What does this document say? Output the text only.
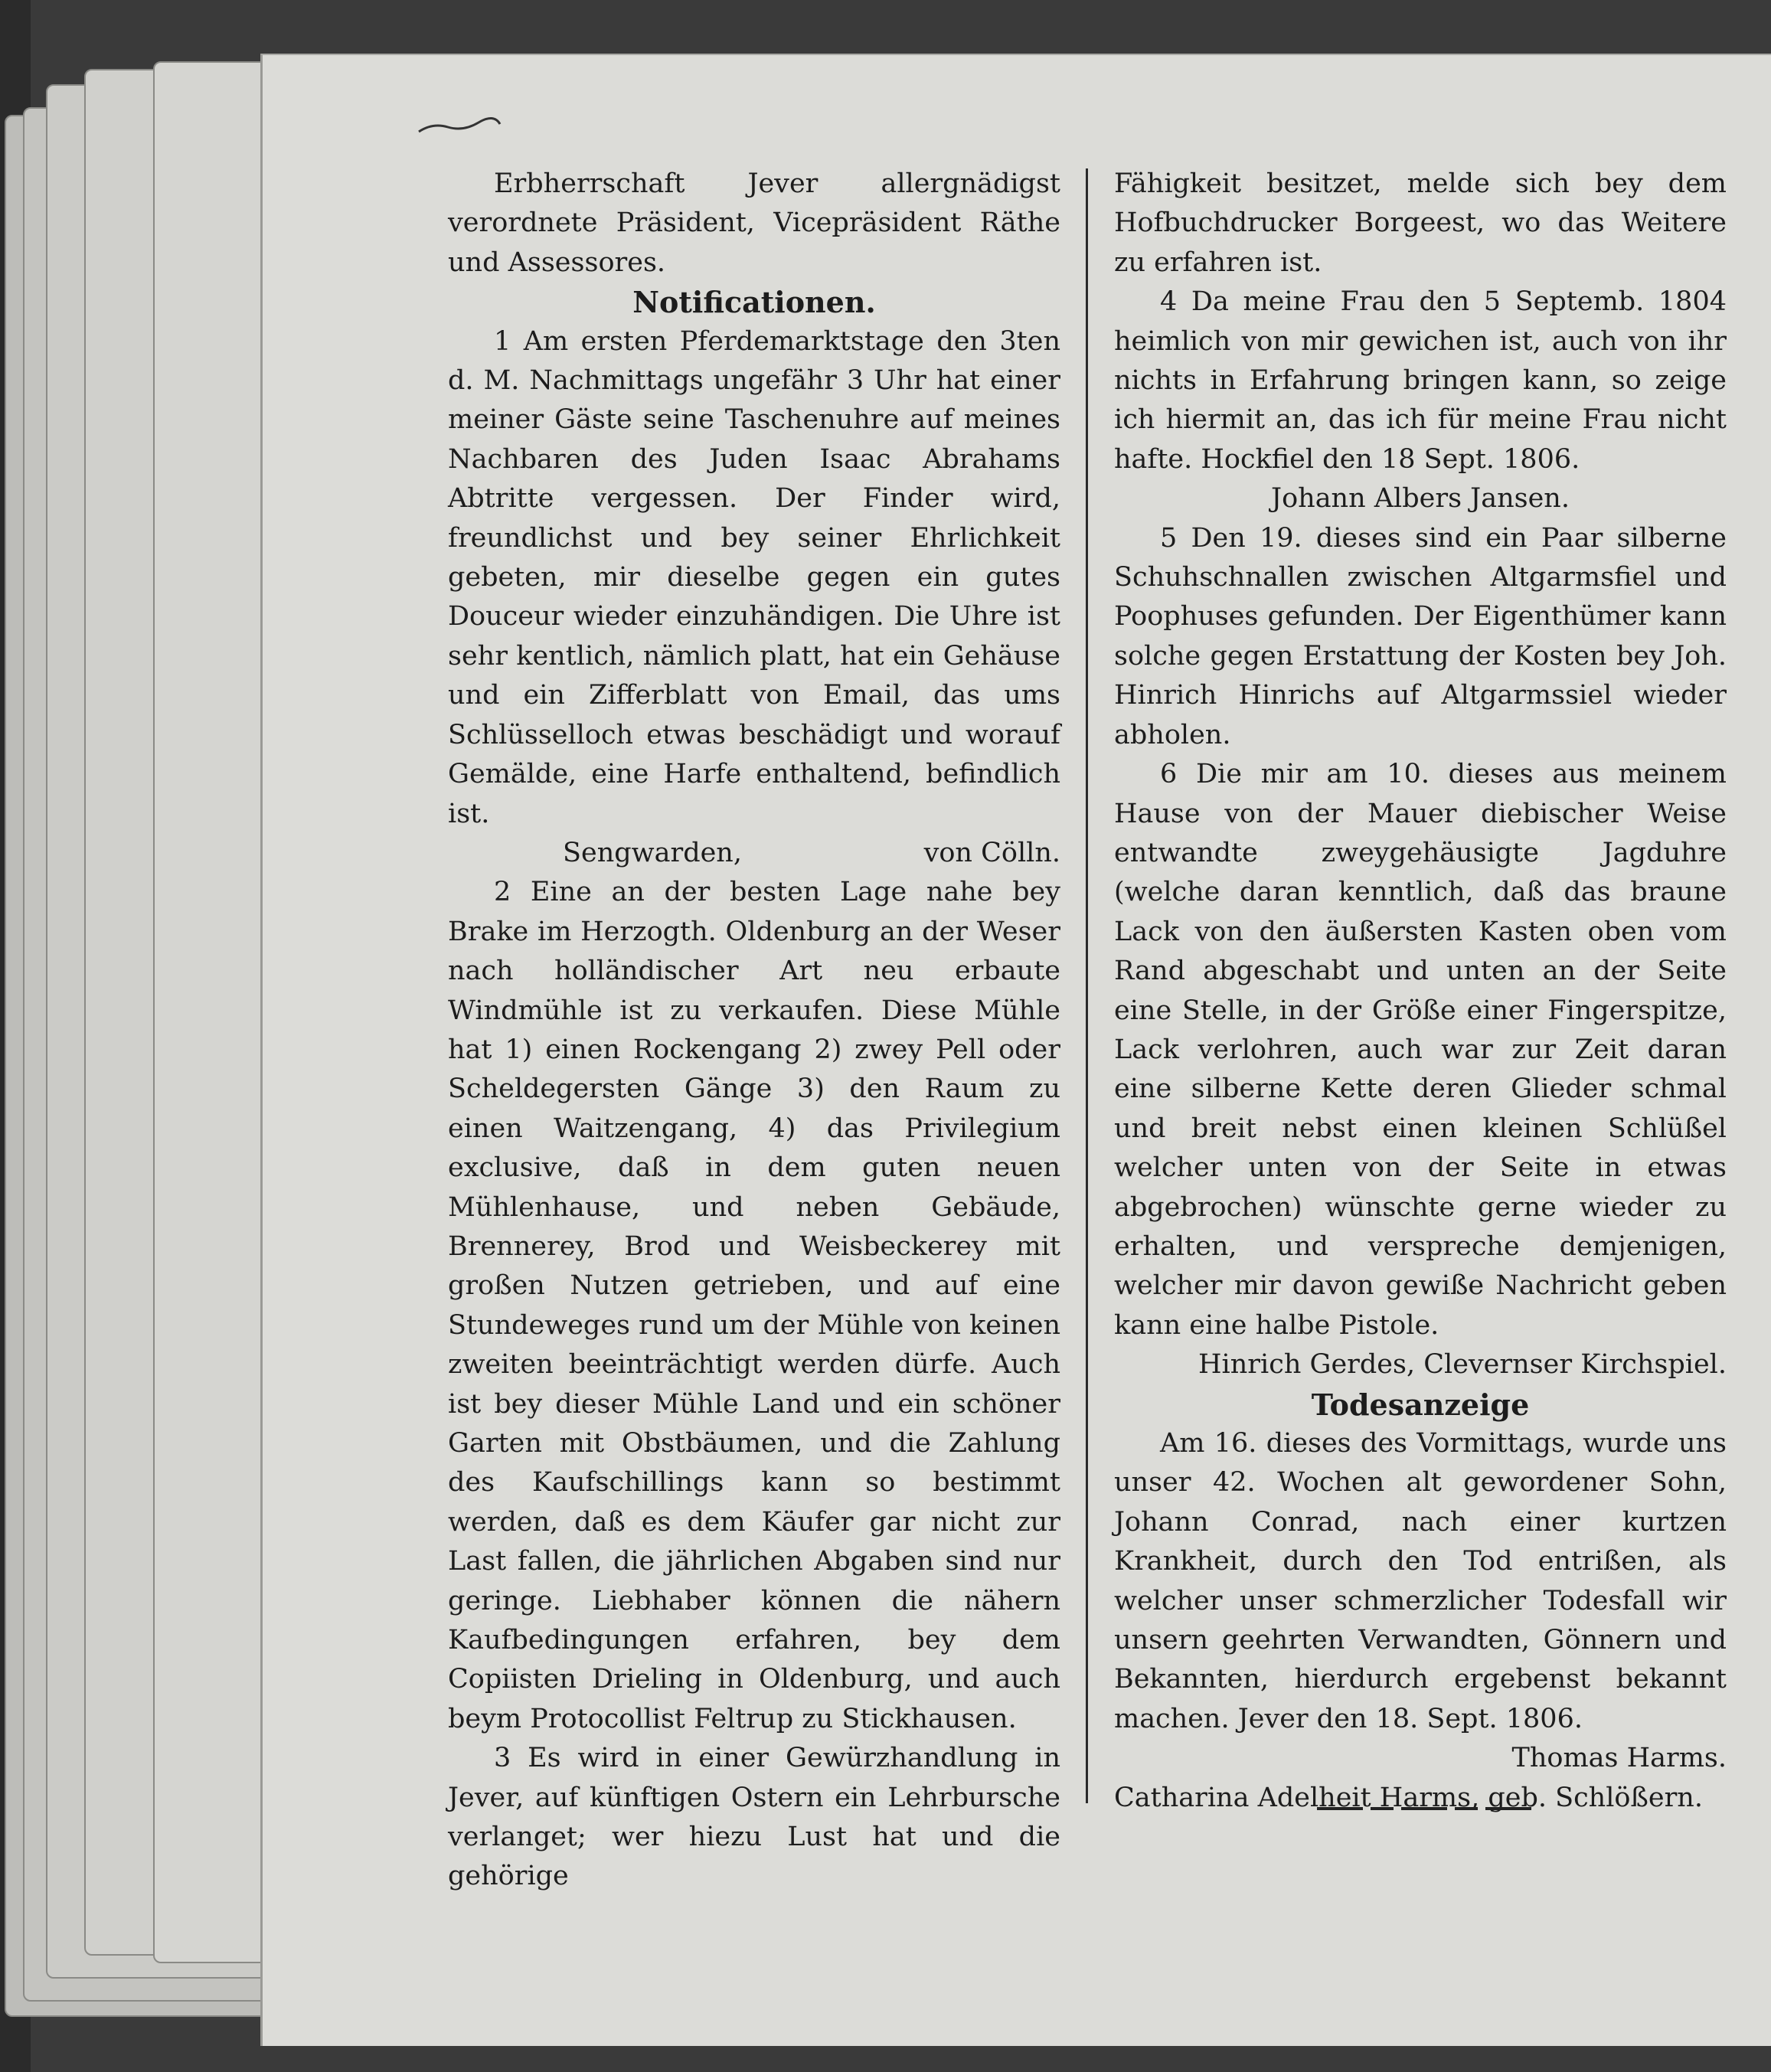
Erbherrschaft Jever allergnädigst verordnete Präsident, Vicepräsident Räthe und Assessores.

Notificationen.

1 Am ersten Pferdemarktstage den 3ten d. M. Nachmittags ungefähr 3 Uhr hat einer meiner Gäste seine Taschenuhre auf meines Nachbaren des Juden Isaac Abrahams Abtritte vergessen. Der Finder wird, freundlichst und bey seiner Ehrlichkeit gebeten, mir dieselbe gegen ein gutes Douceur wieder einzuhändigen. Die Uhre ist sehr kentlich, nämlich platt, hat ein Gehäuse und ein Zifferblatt von Email, das ums Schlüsselloch etwas beschädigt und worauf Gemälde, eine Harfe enthaltend, befindlich ist.

Sengwarden,	von Cölln.

2 Eine an der besten Lage nahe bey Brake im Herzogth. Oldenburg an der Weser nach holländischer Art neu erbaute Windmühle ist zu verkaufen. Diese Mühle hat 1) einen Rockengang 2) zwey Pell oder Scheldegersten Gänge 3) den Raum zu einen Waitzengang, 4) das Privilegium exclusive, daß in dem guten neuen Mühlenhause, und neben Gebäude, Brennerey, Brod und Weisbeckerey mit großen Nutzen getrieben, und auf eine Stundeweges rund um der Mühle von keinen zweiten beeinträchtigt werden dürfe. Auch ist bey dieser Mühle Land und ein schöner Garten mit Obstbäumen, und die Zahlung des Kaufschillings kann so bestimmt werden, daß es dem Käufer gar nicht zur Last fallen, die jährlichen Abgaben sind nur geringe. Liebhaber können die nähern Kaufbedingungen erfahren, bey dem Copiisten Drieling in Oldenburg, und auch beym Protocollist Feltrup zu Stickhausen.

3 Es wird in einer Gewürzhandlung in Jever, auf künftigen Ostern ein Lehrbursche verlanget; wer hiezu Lust hat und die gehörige

Fähigkeit besitzet, melde sich bey dem Hofbuchdrucker Borgeest, wo das Weitere zu erfahren ist.

4 Da meine Frau den 5 Septemb. 1804 heimlich von mir gewichen ist, auch von ihr nichts in Erfahrung bringen kann, so zeige ich hiermit an, das ich für meine Frau nicht hafte. Hockfiel den 18 Sept. 1806.

Johann Albers Jansen.

5 Den 19. dieses sind ein Paar silberne Schuhschnallen zwischen Altgarmsfiel und Poophuses gefunden. Der Eigenthümer kann solche gegen Erstattung der Kosten bey Joh. Hinrich Hinrichs auf Altgarmssiel wieder abholen.

6 Die mir am 10. dieses aus meinem Hause von der Mauer diebischer Weise entwandte zweygehäusigte Jagduhre (welche daran kenntlich, daß das braune Lack von den äußersten Kasten oben vom Rand abgeschabt und unten an der Seite eine Stelle, in der Größe einer Fingerspitze, Lack verlohren, auch war zur Zeit daran eine silberne Kette deren Glieder schmal und breit nebst einen kleinen Schlüßel welcher unten von der Seite in etwas abgebrochen) wünschte gerne wieder zu erhalten, und verspreche demjenigen, welcher mir davon gewiße Nachricht geben kann eine halbe Pistole.

Hinrich Gerdes, Clevernser Kirchspiel.

Todesanzeige

Am 16. dieses des Vormittags, wurde uns unser 42. Wochen alt gewordener Sohn, Johann Conrad, nach einer kurtzen Krankheit, durch den Tod entrißen, als welcher unser schmerzlicher Todesfall wir unsern geehrten Verwandten, Gönnern und Bekannten, hierdurch ergebenst bekannt machen. Jever den 18. Sept. 1806.

Thomas Harms.

Catharina Adelheit Harms, geb. Schlößern.
